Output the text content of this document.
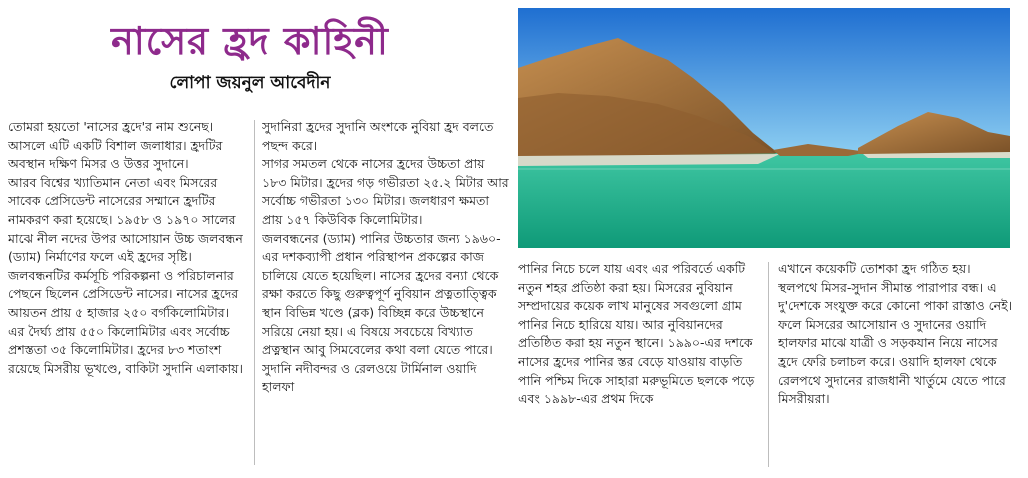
নাসের হ্রদ কাহিনী
লোপা জয়নুল আবেদীন

তোমরা হয়তো 'নাসের হ্রদে'র নাম শুনেছ। আসলে এটি একটি বিশাল জলাধার। হ্রদটির অবস্থান দক্ষিণ মিসর ও উত্তর সুদানে।

আরব বিশ্বের খ্যাতিমান নেতা এবং মিসরের সাবেক প্রেসিডেন্ট নাসেরের সম্মানে হ্রদটির নামকরণ করা হয়েছে। ১৯৫৮ ও ১৯৭০ সালের মাঝে নীল নদের উপর আসোয়ান উচ্চ জলবন্ধন (ড্যাম) নির্মাণের ফলে এই হ্রদের সৃষ্টি। জলবন্ধনটির কর্মসূচি পরিকল্পনা ও পরিচালনার পেছনে ছিলেন প্রেসিডেন্ট নাসের। নাসের হ্রদের আয়তন প্রায় ৫ হাজার ২৫০ বর্গকিলোমিটার। এর দৈর্ঘ্য প্রায় ৫৫০ কিলোমিটার এবং সর্বোচ্চ প্রশস্ততা ৩৫ কিলোমিটার। হ্রদের ৮৩ শতাংশ রয়েছে মিসরীয় ভূখণ্ডে, বাকিটা সুদানি এলাকায়।

সুদানিরা হ্রদের সুদানি অংশকে নুবিয়া হ্রদ বলতে পছন্দ করে।

সাগর সমতল থেকে নাসের হ্রদের উচ্চতা প্রায় ১৮৩ মিটার। হ্রদের গড় গভীরতা ২৫.২ মিটার আর সর্বোচ্চ গভীরতা ১৩০ মিটার। জলধারণ ক্ষমতা প্রায় ১৫৭ কিউবিক কিলোমিটার।

জলবন্ধনের (ড্যাম) পানির উচ্চতার জন্য ১৯৬০-এর দশকব্যাপী প্রধান পরিস্থাপন প্রকল্পের কাজ চালিয়ে যেতে হয়েছিল। নাসের হ্রদের বন্যা থেকে রক্ষা করতে কিছু গুরুত্বপূর্ণ নুবিয়ান প্রত্নতাত্ত্বিক স্থান বিভিন্ন খণ্ডে (ব্লক) বিচ্ছিন্ন করে উচ্চস্থানে সরিয়ে নেয়া হয়। এ বিষয়ে সবচেয়ে বিখ্যাত প্রত্নস্থান আবু সিমবেলের কথা বলা যেতে পারে। সুদানি নদীবন্দর ও রেলওয়ে টার্মিনাল ওয়াদি হালফা

পানির নিচে চলে যায় এবং এর পরিবর্তে একটি নতুন শহর প্রতিষ্ঠা করা হয়। মিসরের নুবিয়ান সম্প্রদায়ের কয়েক লাখ মানুষের সবগুলো গ্রাম পানির নিচে হারিয়ে যায়। আর নুবিয়ানদের প্রতিষ্ঠিত করা হয় নতুন স্থানে। ১৯৯০-এর দশকে নাসের হ্রদের পানির স্তর বেড়ে যাওয়ায় বাড়তি পানি পশ্চিম দিকে সাহারা মরুভূমিতে ছলকে পড়ে এবং ১৯৯৮-এর প্রথম দিকে

এখানে কয়েকটি তোশকা হ্রদ গঠিত হয়।

স্থলপথে মিসর-সুদান সীমান্ত পারাপার বন্ধ। এ দু'দেশকে সংযুক্ত করে কোনো পাকা রাস্তাও নেই। ফলে মিসরের আসোয়ান ও সুদানের ওয়াদি হালফার মাঝে যাত্রী ও সড়কযান নিয়ে নাসের হ্রদে ফেরি চলাচল করে। ওয়াদি হালফা থেকে রেলপথে সুদানের রাজধানী খার্তুমে যেতে পারে মিসরীয়রা।
